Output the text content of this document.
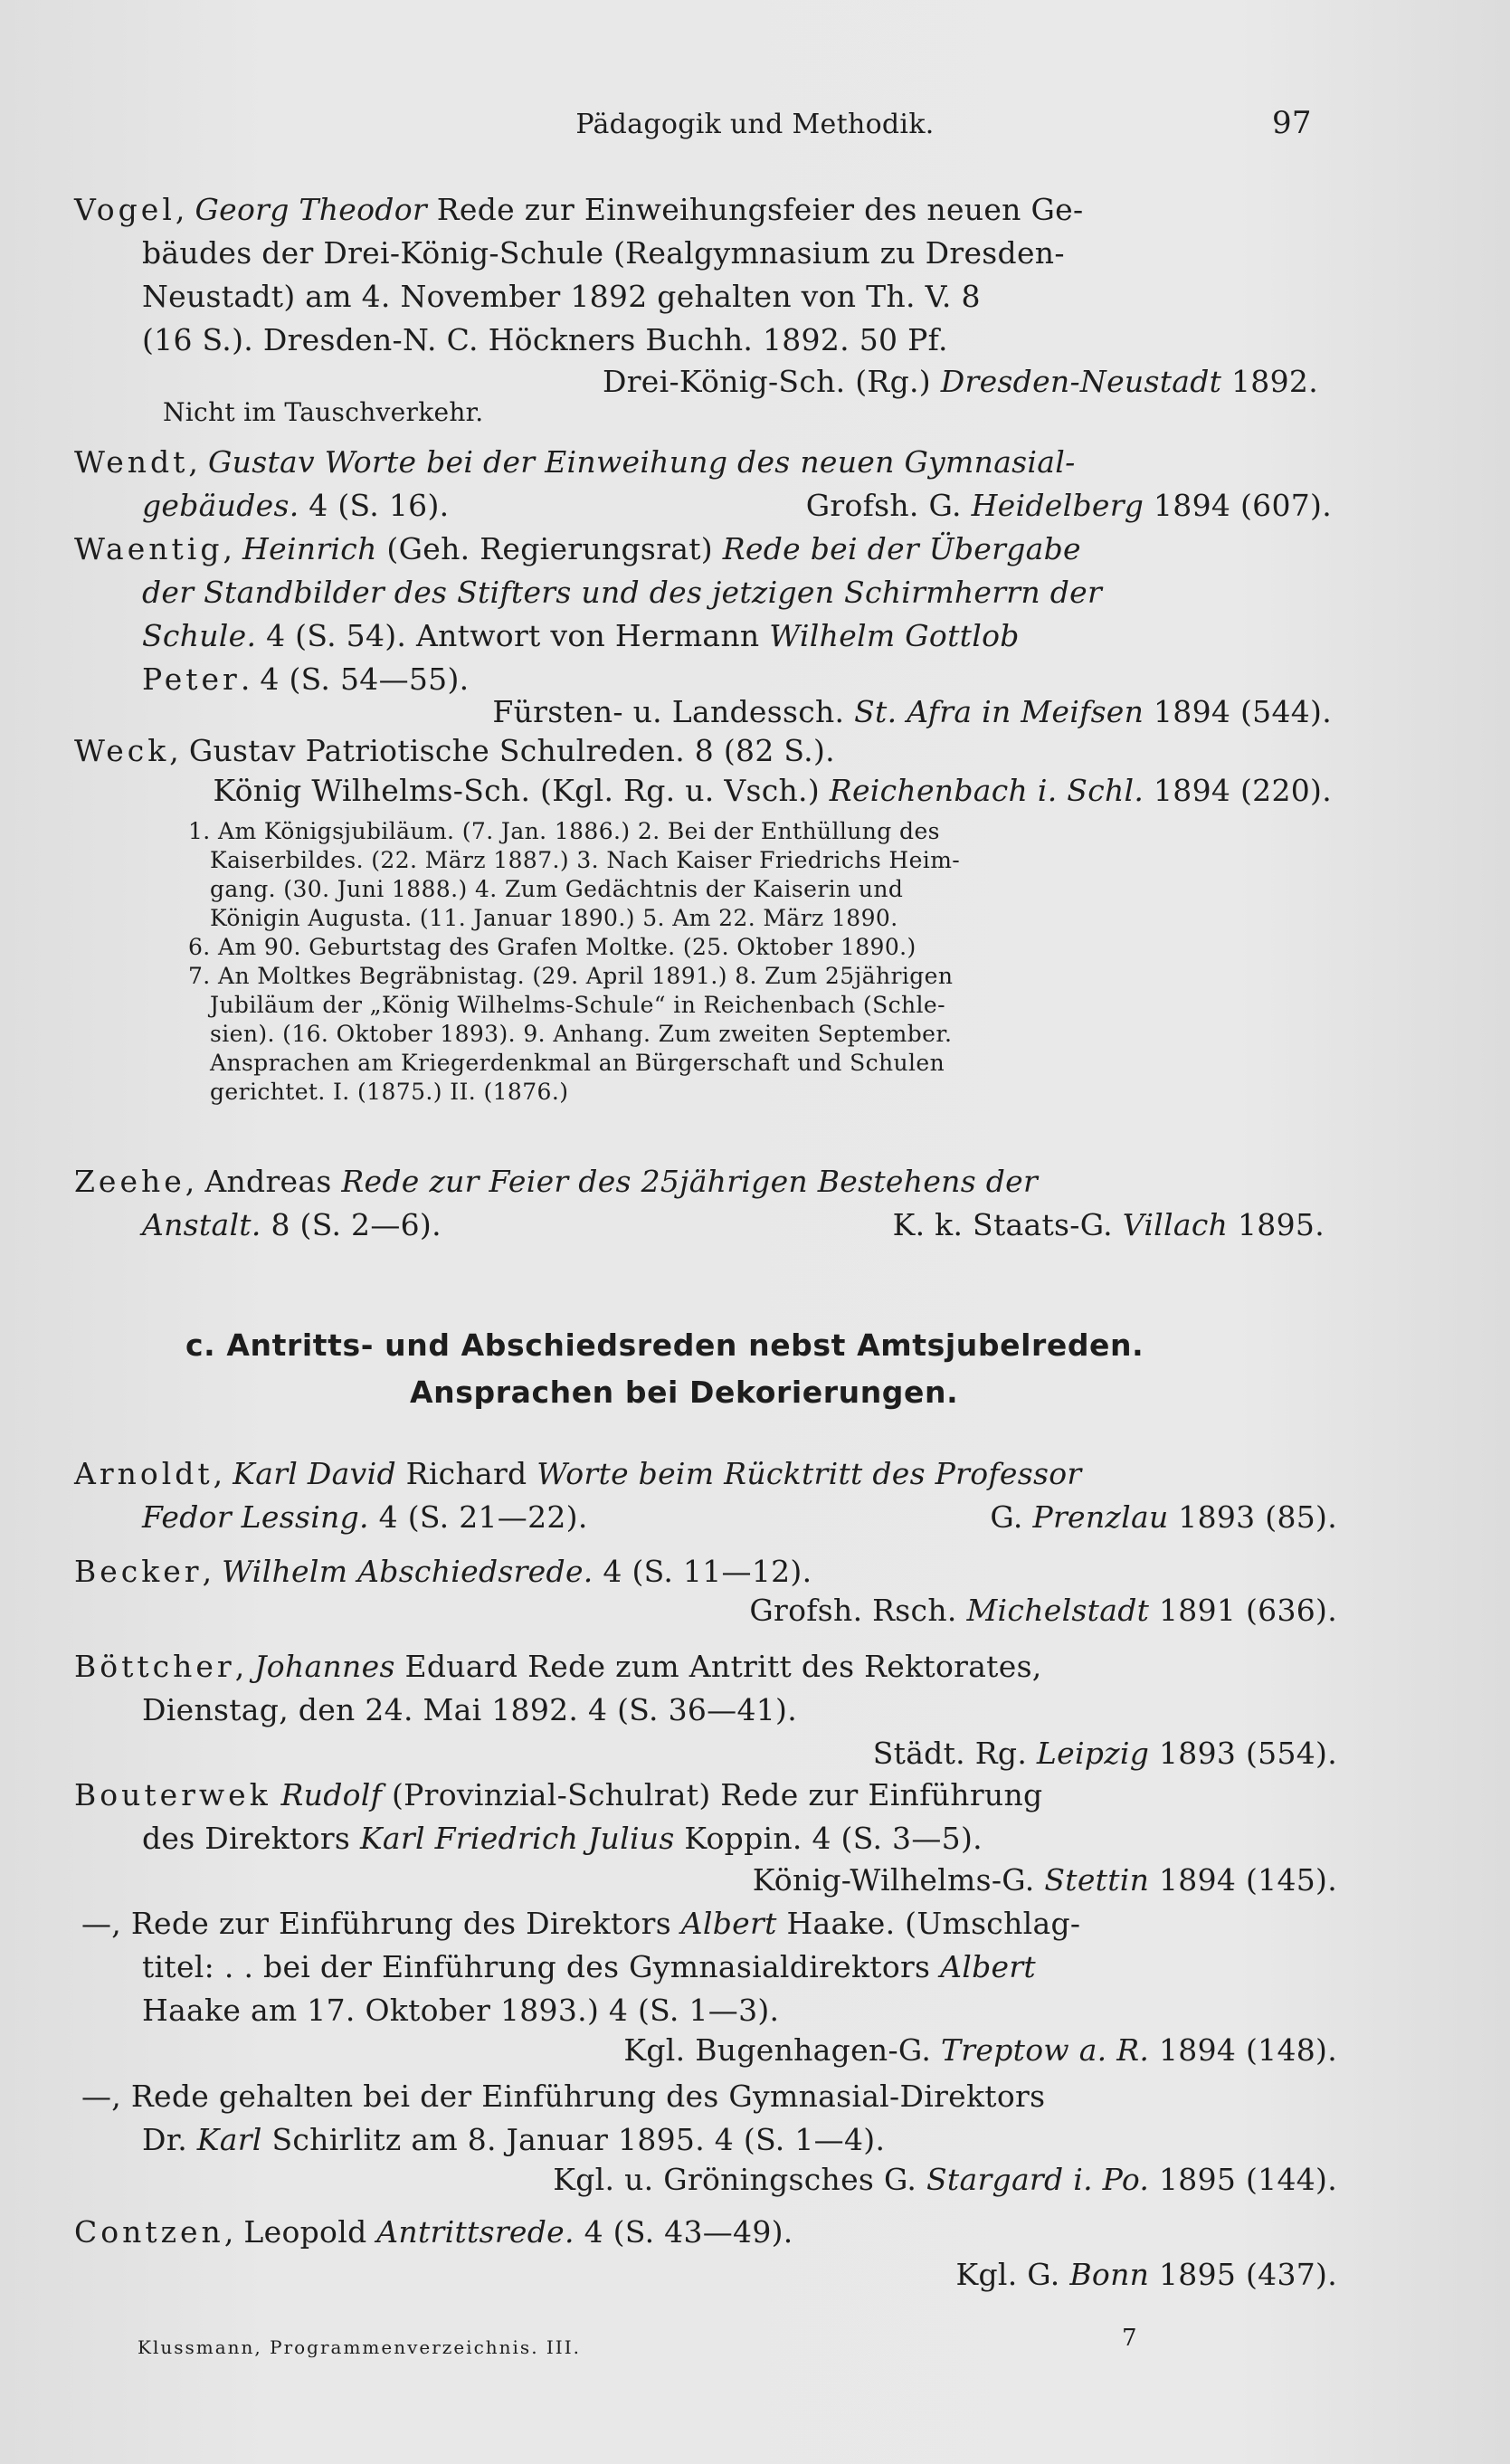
Pädagogik und Methodik.	97
Vogel, Georg Theodor Rede zur Einweihungsfeier des neuen Ge-
bäudes der Drei-König-Schule (Realgymnasium zu Dresden-
Neustadt) am 4. November 1892 gehalten von Th. V. 8
(16 S.). Dresden-N. C. Höckners Buchh. 1892. 50 Pf.
Drei-König-Sch. (Rg.) Dresden-Neustadt 1892.
Nicht im Tauschverkehr.
Wendt, Gustav Worte bei der Einweihung des neuen Gymnasial-
gebäudes. 4 (S. 16).	Grofsh. G. Heidelberg 1894 (607).
Waentig, Heinrich (Geh. Regierungsrat) Rede bei der Übergabe
der Standbilder des Stifters und des jetzigen Schirmherrn der
Schule. 4 (S. 54). Antwort von Hermann Wilhelm Gottlob
Peter. 4 (S. 54—55).
Fürsten- u. Landessch. St. Afra in Meifsen 1894 (544).
Weck, Gustav Patriotische Schulreden. 8 (82 S.).
König Wilhelms-Sch. (Kgl. Rg. u. Vsch.) Reichenbach i. Schl. 1894 (220).
1. Am Königsjubiläum. (7. Jan. 1886.) 2. Bei der Enthüllung des
Kaiserbildes. (22. März 1887.) 3. Nach Kaiser Friedrichs Heim-
gang. (30. Juni 1888.) 4. Zum Gedächtnis der Kaiserin und
Königin Augusta. (11. Januar 1890.) 5. Am 22. März 1890.
6. Am 90. Geburtstag des Grafen Moltke. (25. Oktober 1890.)
7. An Moltkes Begräbnistag. (29. April 1891.) 8. Zum 25jährigen
Jubiläum der „König Wilhelms-Schule“ in Reichenbach (Schle-
sien). (16. Oktober 1893). 9. Anhang. Zum zweiten September.
Ansprachen am Kriegerdenkmal an Bürgerschaft und Schulen
gerichtet. I. (1875.) II. (1876.)
Zeehe, Andreas Rede zur Feier des 25jährigen Bestehens der
Anstalt. 8 (S. 2—6).	K. k. Staats-G. Villach 1895.
c. Antritts- und Abschiedsreden nebst Amtsjubelreden.
Ansprachen bei Dekorierungen.
Arnoldt, Karl David Richard Worte beim Rücktritt des Professor
Fedor Lessing. 4 (S. 21—22).	G. Prenzlau 1893 (85).
Becker, Wilhelm Abschiedsrede. 4 (S. 11—12).
Grofsh. Rsch. Michelstadt 1891 (636).
Böttcher, Johannes Eduard Rede zum Antritt des Rektorates,
Dienstag, den 24. Mai 1892. 4 (S. 36—41).
Städt. Rg. Leipzig 1893 (554).
Bouterwek Rudolf (Provinzial-Schulrat) Rede zur Einführung
des Direktors Karl Friedrich Julius Koppin. 4 (S. 3—5).
König-Wilhelms-G. Stettin 1894 (145).
—, Rede zur Einführung des Direktors Albert Haake. (Umschlag-
titel: . . bei der Einführung des Gymnasialdirektors Albert
Haake am 17. Oktober 1893.) 4 (S. 1—3).
Kgl. Bugenhagen-G. Treptow a. R. 1894 (148).
—, Rede gehalten bei der Einführung des Gymnasial-Direktors
Dr. Karl Schirlitz am 8. Januar 1895. 4 (S. 1—4).
Kgl. u. Gröningsches G. Stargard i. Po. 1895 (144).
Contzen, Leopold Antrittsrede. 4 (S. 43—49).
Kgl. G. Bonn 1895 (437).
Klussmann, Programmenverzeichnis. III.	7
